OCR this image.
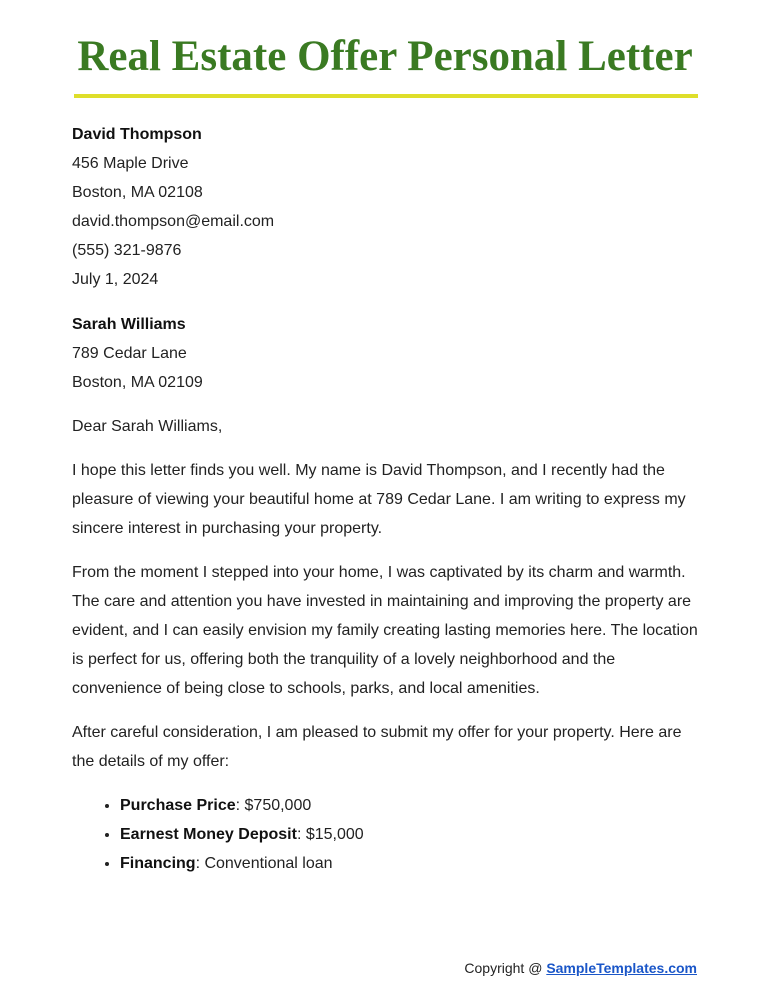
Real Estate Offer Personal Letter
David Thompson
456 Maple Drive
Boston, MA 02108
david.thompson@email.com
(555) 321-9876
July 1, 2024
Sarah Williams
789 Cedar Lane
Boston, MA 02109

Dear Sarah Williams,

I hope this letter finds you well. My name is David Thompson, and I recently had the pleasure of viewing your beautiful home at 789 Cedar Lane. I am writing to express my sincere interest in purchasing your property.

From the moment I stepped into your home, I was captivated by its charm and warmth. The care and attention you have invested in maintaining and improving the property are evident, and I can easily envision my family creating lasting memories here. The location is perfect for us, offering both the tranquility of a lovely neighborhood and the convenience of being close to schools, parks, and local amenities.

After careful consideration, I am pleased to submit my offer for your property. Here are the details of my offer:

• Purchase Price: $750,000
• Earnest Money Deposit: $15,000
• Financing: Conventional loan
Copyright @ SampleTemplates.com
